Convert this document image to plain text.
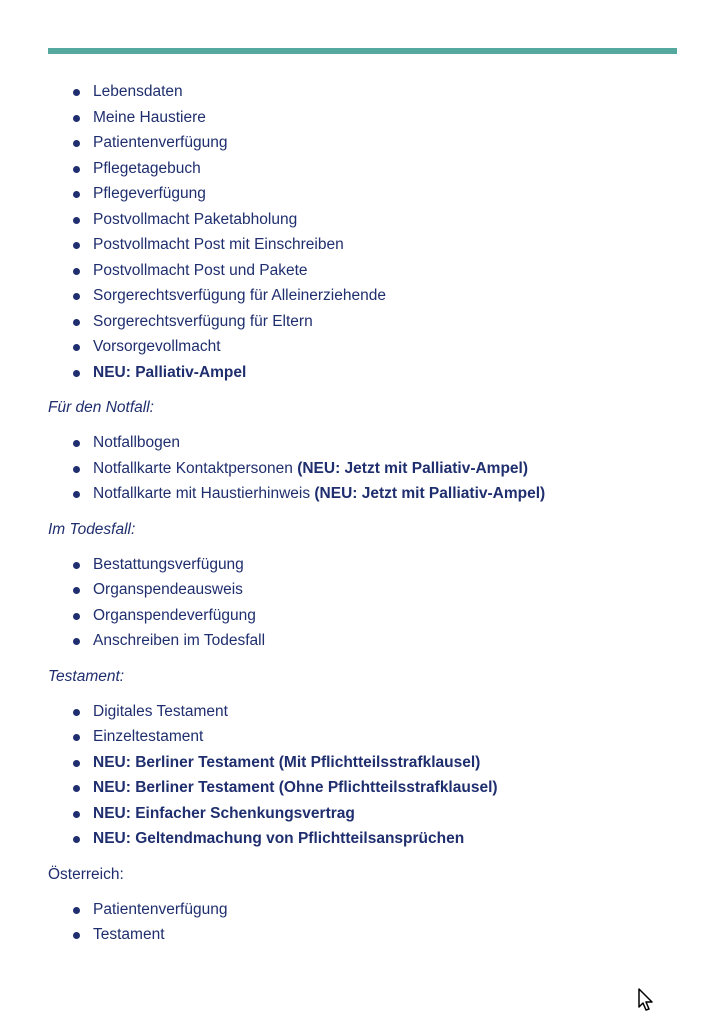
Lebensdaten
Meine Haustiere
Patientenverfügung
Pflegetagebuch
Pflegeverfügung
Postvollmacht Paketabholung
Postvollmacht Post mit Einschreiben
Postvollmacht Post und Pakete
Sorgerechtsverfügung für Alleinerziehende
Sorgerechtsverfügung für Eltern
Vorsorgevollmacht
NEU: Palliativ-Ampel
Für den Notfall:
Notfallbogen
Notfallkarte Kontaktpersonen (NEU: Jetzt mit Palliativ-Ampel)
Notfallkarte mit Haustierhinweis (NEU: Jetzt mit Palliativ-Ampel)
Im Todesfall:
Bestattungsverfügung
Organspendeausweis
Organspendeverfügung
Anschreiben im Todesfall
Testament:
Digitales Testament
Einzeltestament
NEU: Berliner Testament (Mit Pflichtteilsstrafklausel)
NEU: Berliner Testament (Ohne Pflichtteilsstrafklausel)
NEU: Einfacher Schenkungsvertrag
NEU: Geltendmachung von Pflichtteilsansprüchen
Österreich:
Patientenverfügung
Testament
